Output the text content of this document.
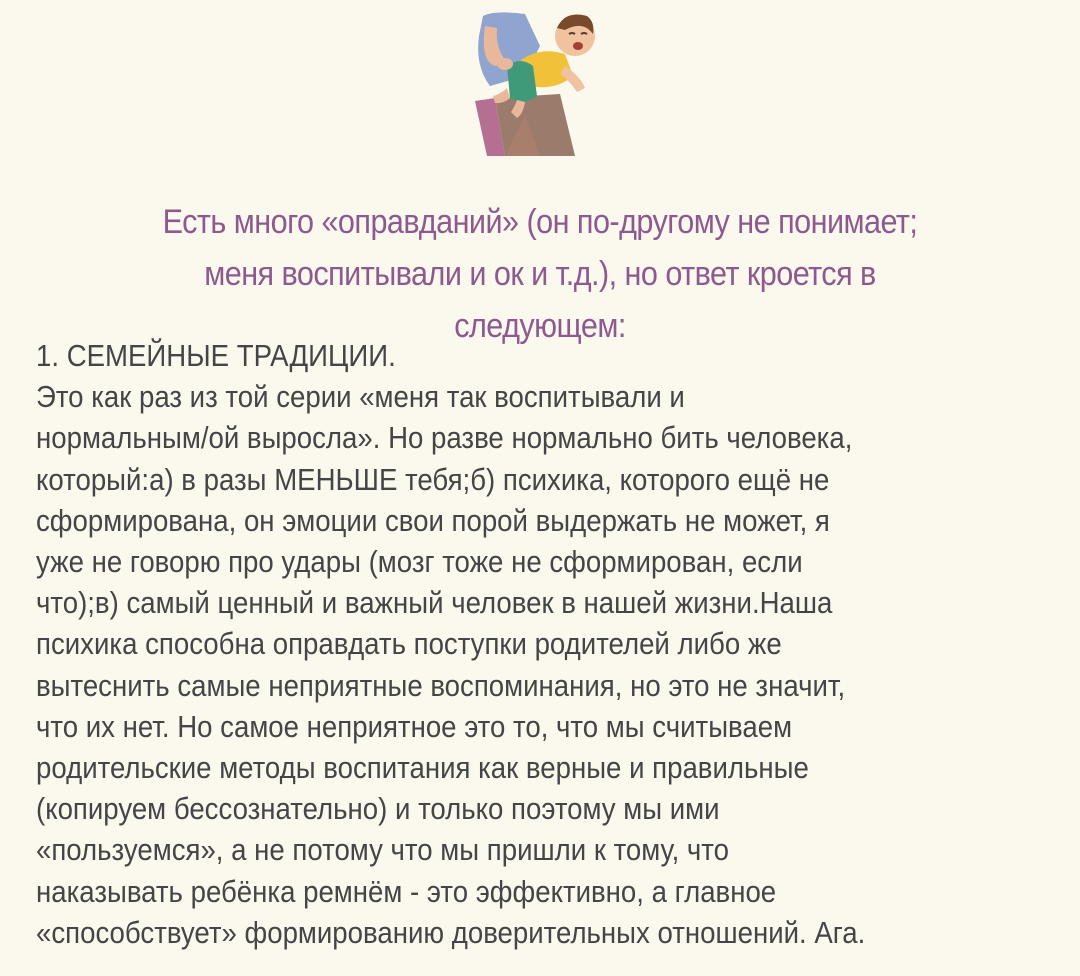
Есть много «оправданий» (он по-другому не понимает;
меня воспитывали и ок и т.д.), но ответ кроется в
следующем:
1. СЕМЕЙНЫЕ ТРАДИЦИИ.
Это как раз из той серии «меня так воспитывали и
нормальным/ой выросла». Но разве нормально бить человека,
который:а) в разы МЕНЬШЕ тебя;б) психика, которого ещё не
сформирована, он эмоции свои порой выдержать не может, я
уже не говорю про удары (мозг тоже не сформирован, если
что);в) самый ценный и важный человек в нашей жизни.Наша
психика способна оправдать поступки родителей либо же
вытеснить самые неприятные воспоминания, но это не значит,
что их нет. Но самое неприятное это то, что мы считываем
родительские методы воспитания как верные и правильные
(копируем бессознательно) и только поэтому мы ими
«пользуемся», а не потому что мы пришли к тому, что
наказывать ребёнка ремнём - это эффективно, а главное
«способствует» формированию доверительных отношений. Ага.
